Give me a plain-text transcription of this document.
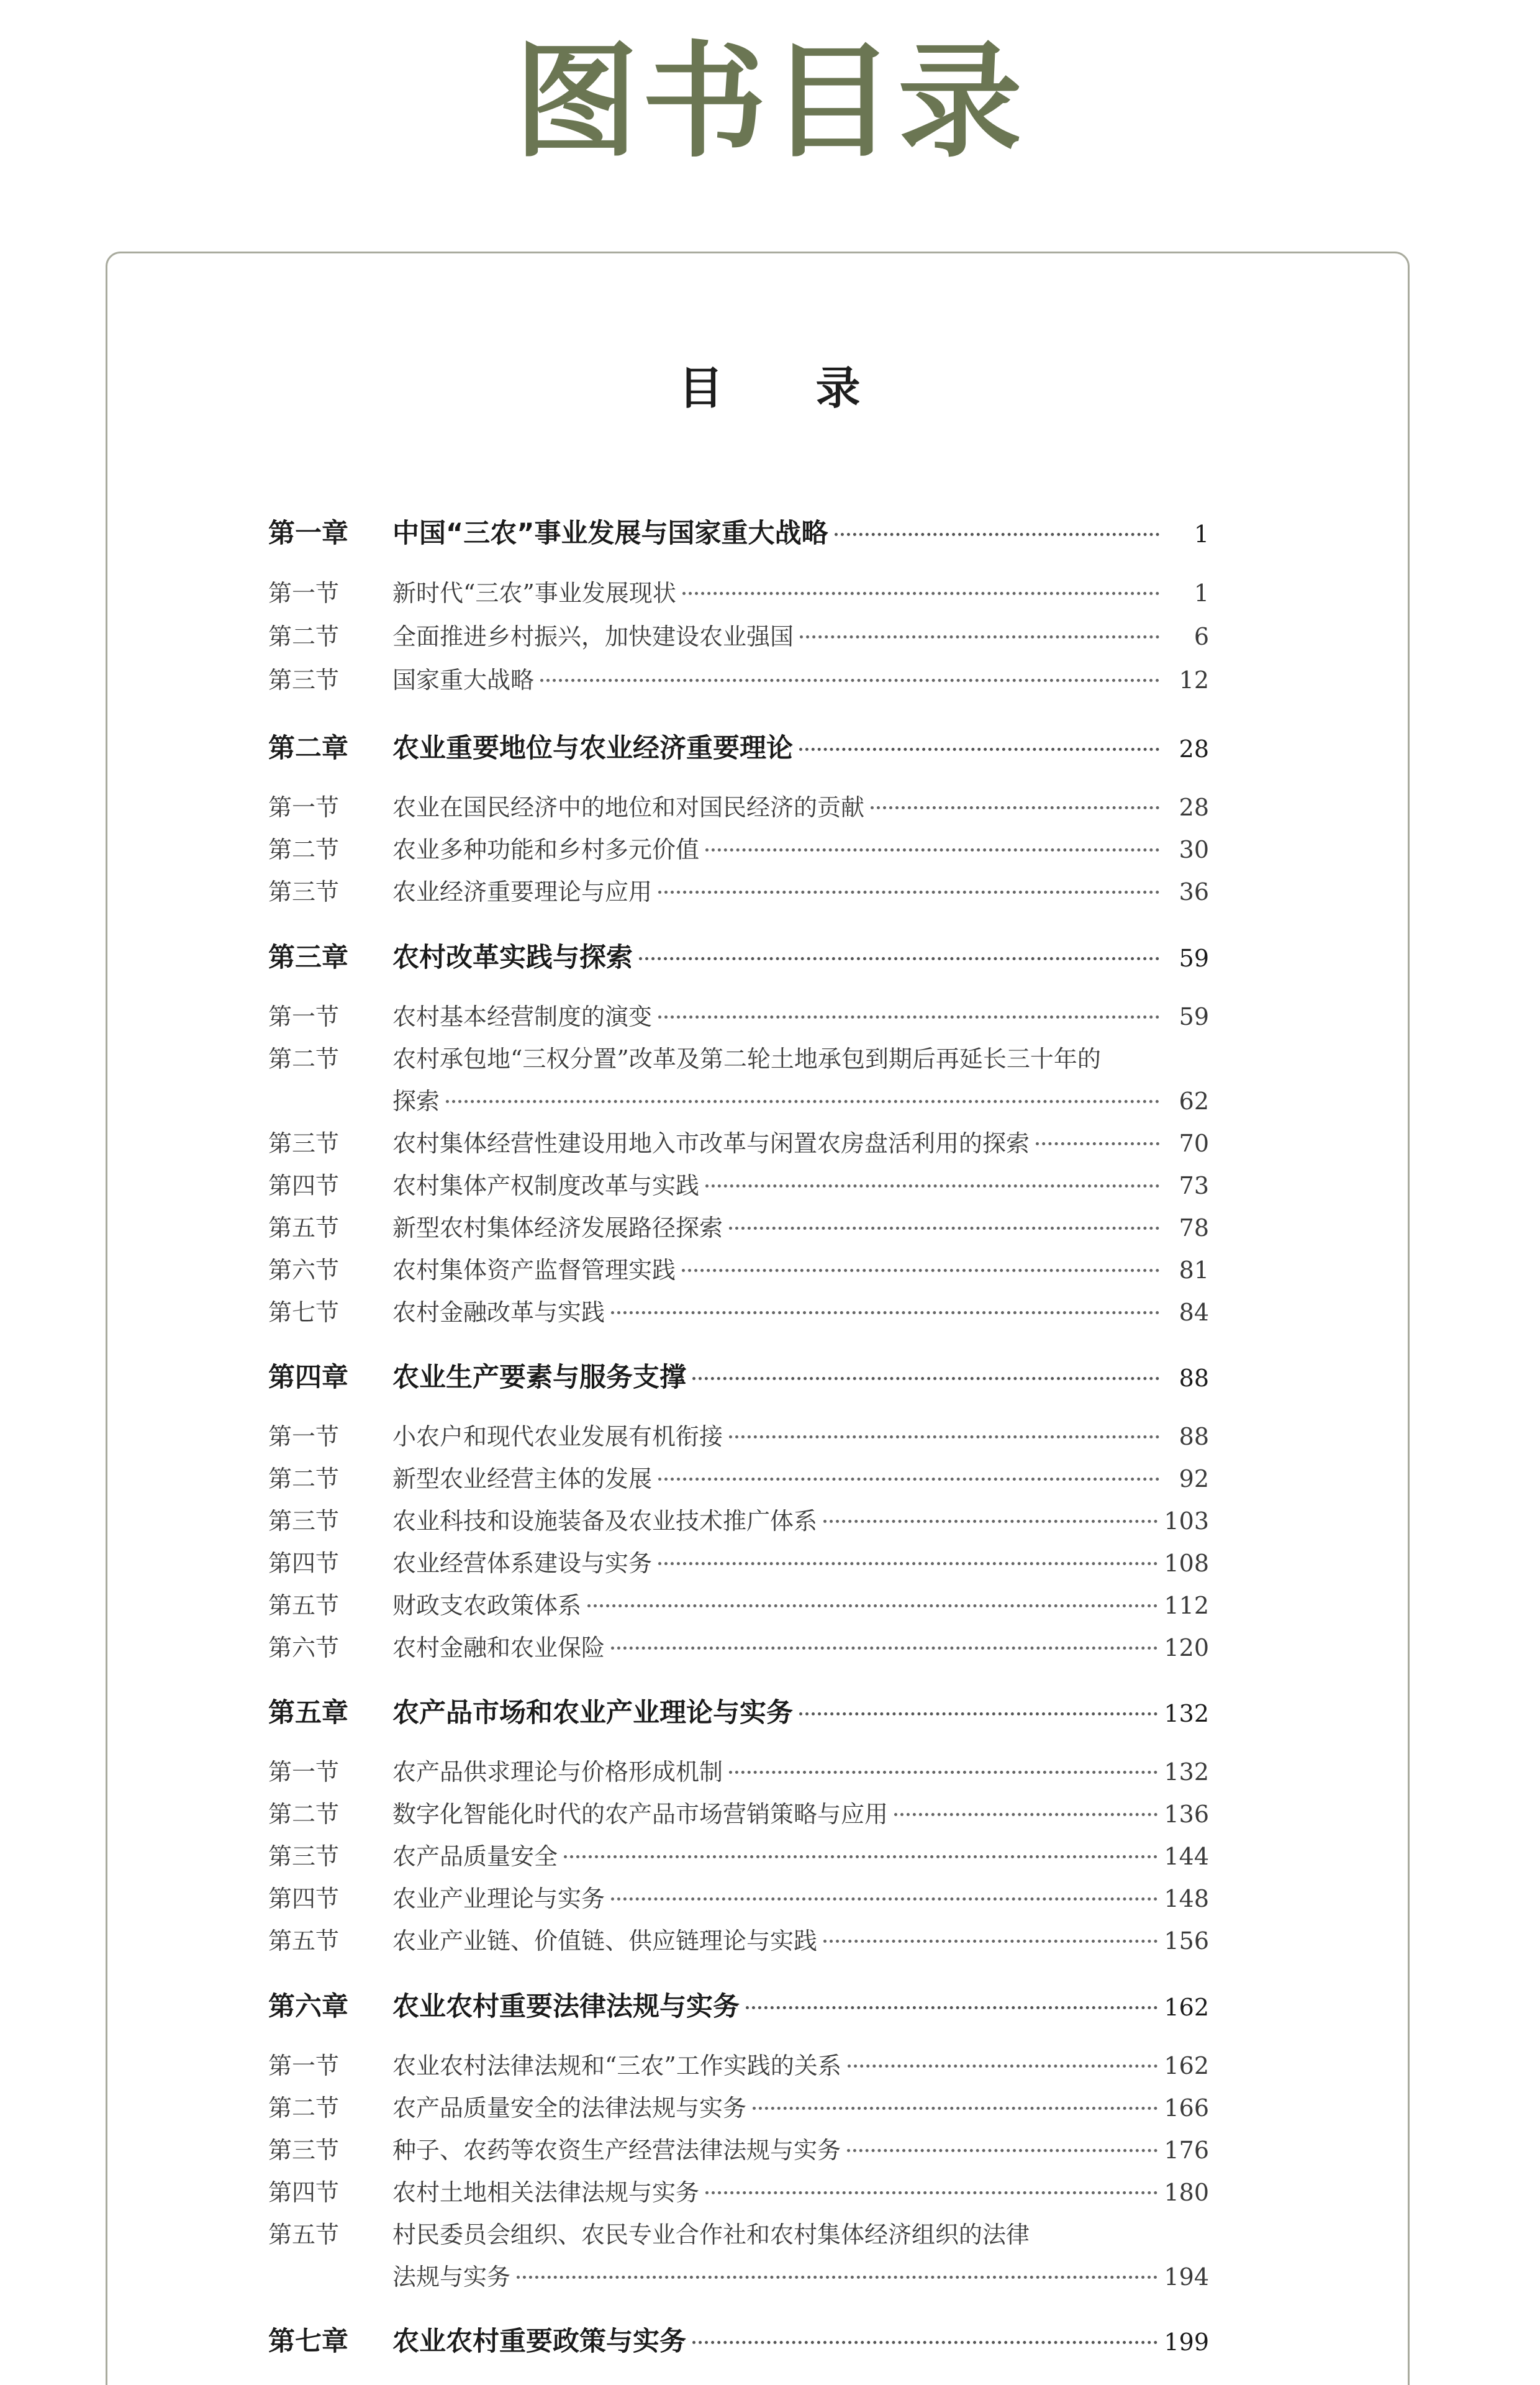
图书目录
目 录
第一章	中国“三农”事业发展与国家重大战略	1
第一节	新时代“三农”事业发展现状	1
第二节	全面推进乡村振兴，加快建设农业强国	6
第三节	国家重大战略	12
第二章	农业重要地位与农业经济重要理论	28
第一节	农业在国民经济中的地位和对国民经济的贡献	28
第二节	农业多种功能和乡村多元价值	30
第三节	农业经济重要理论与应用	36
第三章	农村改革实践与探索	59
第一节	农村基本经营制度的演变	59
第二节	农村承包地“三权分置”改革及第二轮土地承包到期后再延长三十年的
探索	62
第三节	农村集体经营性建设用地入市改革与闲置农房盘活利用的探索	70
第四节	农村集体产权制度改革与实践	73
第五节	新型农村集体经济发展路径探索	78
第六节	农村集体资产监督管理实践	81
第七节	农村金融改革与实践	84
第四章	农业生产要素与服务支撑	88
第一节	小农户和现代农业发展有机衔接	88
第二节	新型农业经营主体的发展	92
第三节	农业科技和设施装备及农业技术推广体系	103
第四节	农业经营体系建设与实务	108
第五节	财政支农政策体系	112
第六节	农村金融和农业保险	120
第五章	农产品市场和农业产业理论与实务	132
第一节	农产品供求理论与价格形成机制	132
第二节	数字化智能化时代的农产品市场营销策略与应用	136
第三节	农产品质量安全	144
第四节	农业产业理论与实务	148
第五节	农业产业链、价值链、供应链理论与实践	156
第六章	农业农村重要法律法规与实务	162
第一节	农业农村法律法规和“三农”工作实践的关系	162
第二节	农产品质量安全的法律法规与实务	166
第三节	种子、农药等农资生产经营法律法规与实务	176
第四节	农村土地相关法律法规与实务	180
第五节	村民委员会组织、农民专业合作社和农村集体经济组织的法律
法规与实务	194
第七章	农业农村重要政策与实务	199
